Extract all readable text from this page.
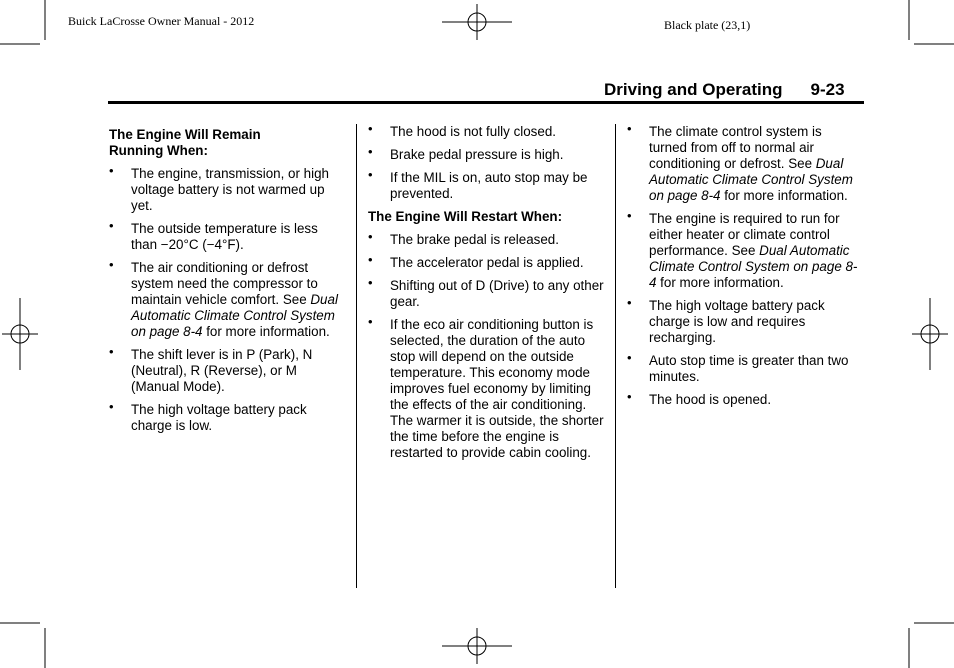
Buick LaCrosse Owner Manual - 2012	Black plate (23,1)
Driving and Operating 9-23
The Engine Will Remain Running When:
• The engine, transmission, or high voltage battery is not warmed up yet.
• The outside temperature is less than −20°C (−4°F).
• The air conditioning or defrost system need the compressor to maintain vehicle comfort. See Dual Automatic Climate Control System on page 8-4 for more information.
• The shift lever is in P (Park), N (Neutral), R (Reverse), or M (Manual Mode).
• The high voltage battery pack charge is low.
• The hood is not fully closed.
• Brake pedal pressure is high.
• If the MIL is on, auto stop may be prevented.
The Engine Will Restart When:
• The brake pedal is released.
• The accelerator pedal is applied.
• Shifting out of D (Drive) to any other gear.
• If the eco air conditioning button is selected, the duration of the auto stop will depend on the outside temperature. This economy mode improves fuel economy by limiting the effects of the air conditioning. The warmer it is outside, the shorter the time before the engine is restarted to provide cabin cooling.
• The climate control system is turned from off to normal air conditioning or defrost. See Dual Automatic Climate Control System on page 8-4 for more information.
• The engine is required to run for either heater or climate control performance. See Dual Automatic Climate Control System on page 8-4 for more information.
• The high voltage battery pack charge is low and requires recharging.
• Auto stop time is greater than two minutes.
• The hood is opened.
